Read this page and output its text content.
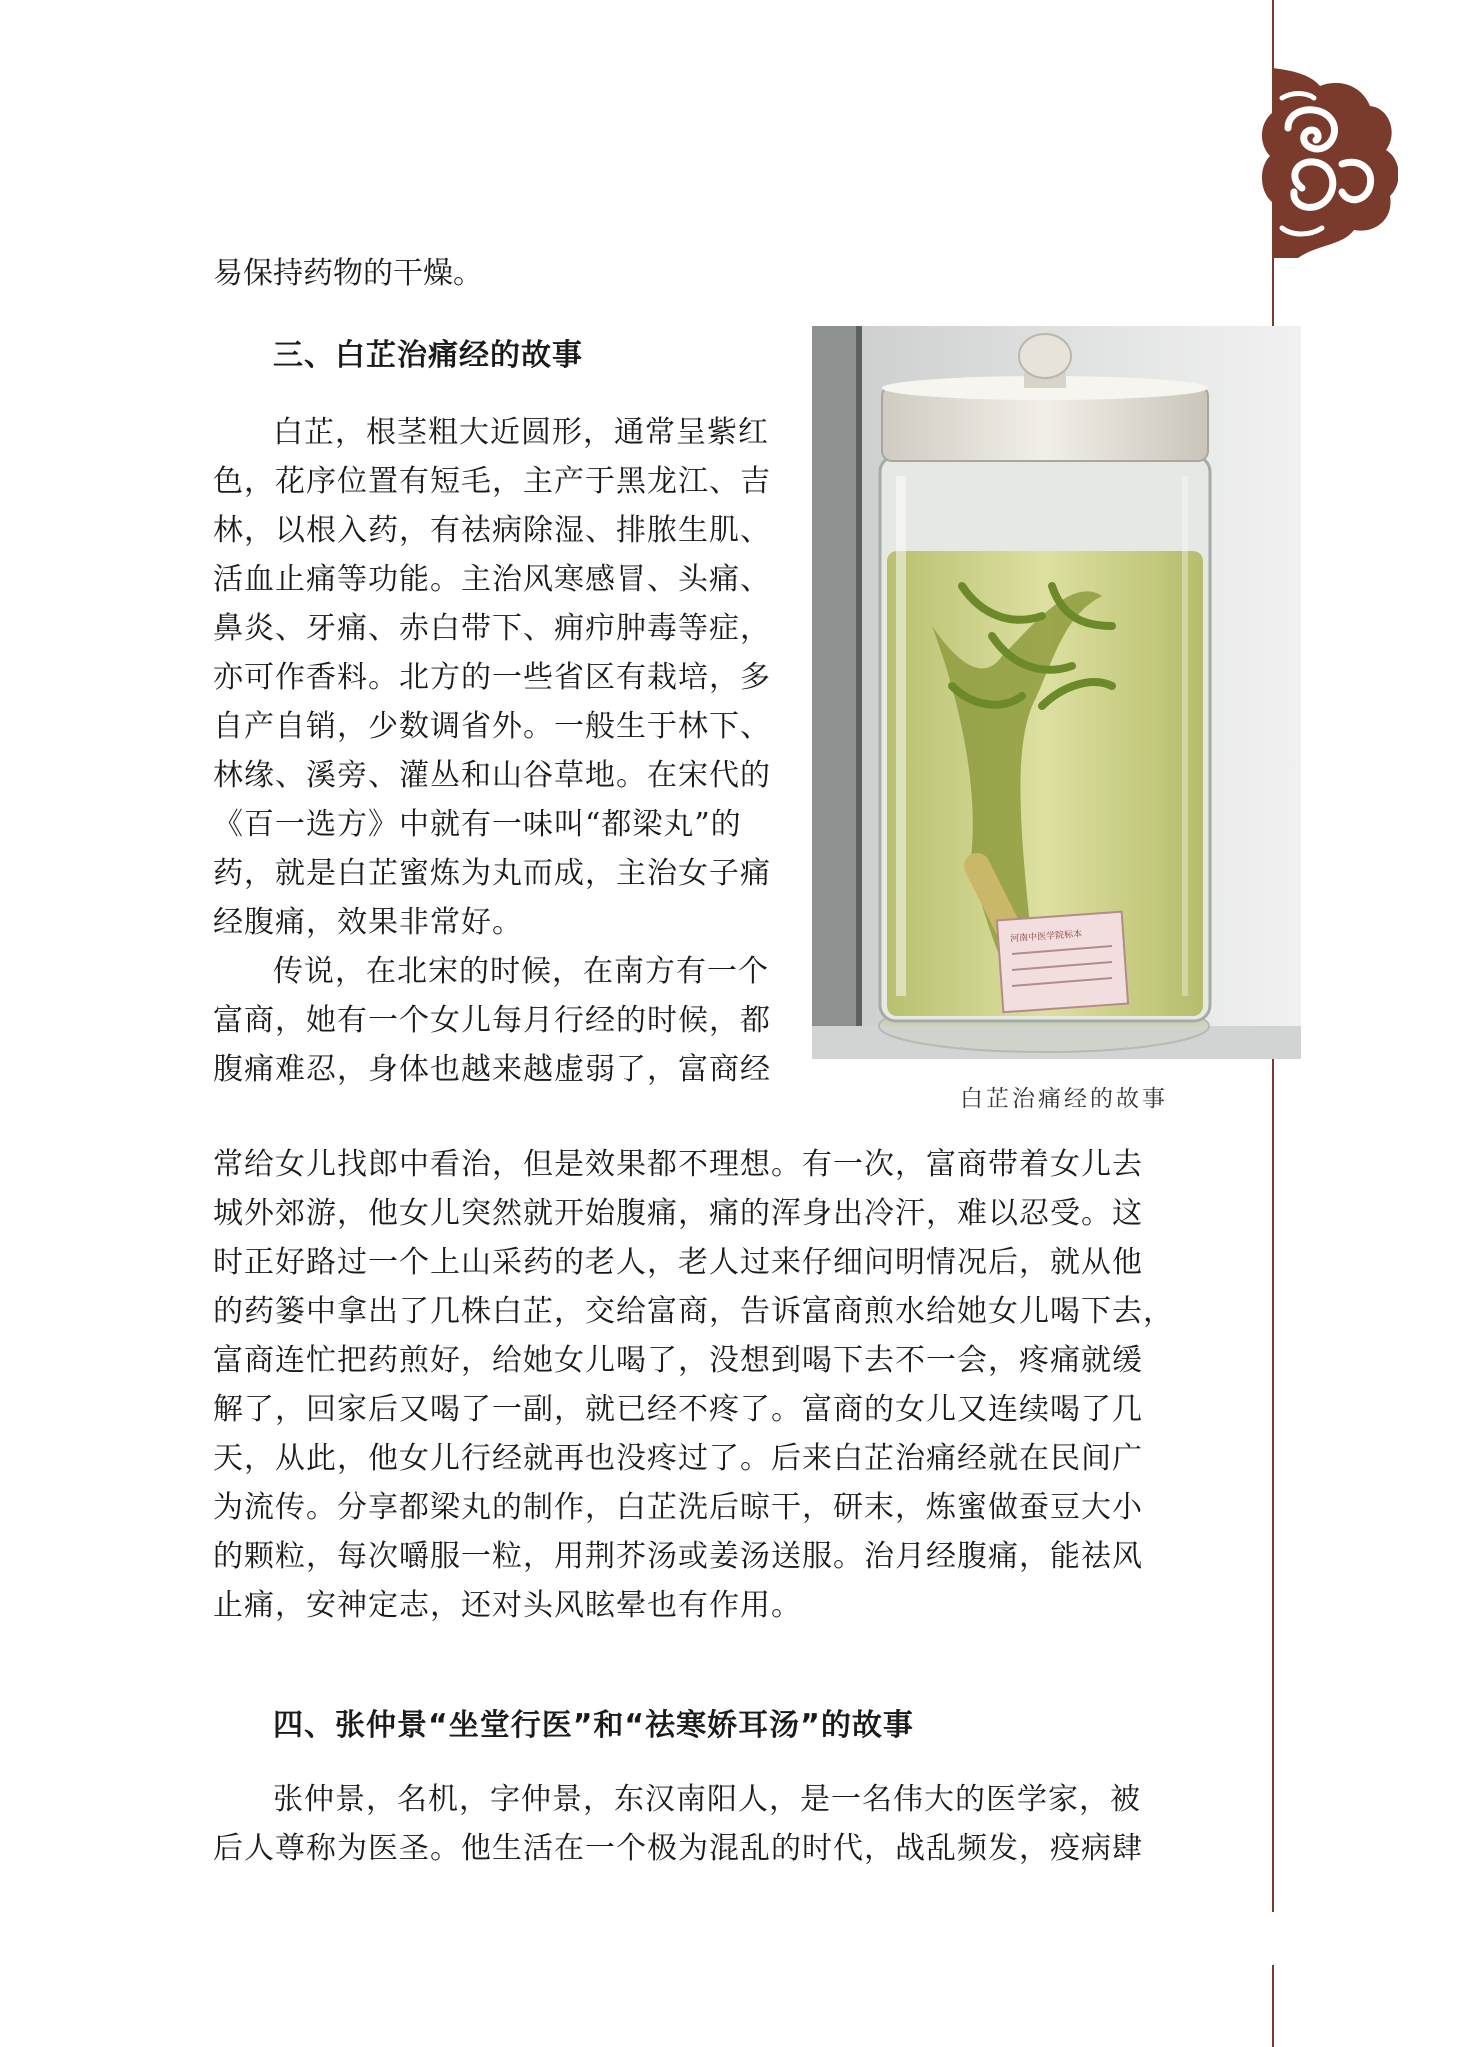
易保持药物的干燥。
三、白芷治痛经的故事
白芷，根茎粗大近圆形，通常呈紫红
色，花序位置有短毛，主产于黑龙江、吉
林，以根入药，有祛病除湿、排脓生肌、
活血止痛等功能。主治风寒感冒、头痛、
鼻炎、牙痛、赤白带下、痈疖肿毒等症，
亦可作香料。北方的一些省区有栽培，多
自产自销，少数调省外。一般生于林下、
林缘、溪旁、灌丛和山谷草地。在宋代的
《百一选方》中就有一味叫“都梁丸”的
药，就是白芷蜜炼为丸而成，主治女子痛
经腹痛，效果非常好。
传说，在北宋的时候，在南方有一个
富商，她有一个女儿每月行经的时候，都
腹痛难忍，身体也越来越虚弱了，富商经
河南中医学院标本
白芷治痛经的故事
常给女儿找郎中看治，但是效果都不理想。有一次，富商带着女儿去
城外郊游，他女儿突然就开始腹痛，痛的浑身出冷汗，难以忍受。这
时正好路过一个上山采药的老人，老人过来仔细问明情况后，就从他
的药篓中拿出了几株白芷，交给富商，告诉富商煎水给她女儿喝下去，
富商连忙把药煎好，给她女儿喝了，没想到喝下去不一会，疼痛就缓
解了，回家后又喝了一副，就已经不疼了。富商的女儿又连续喝了几
天，从此，他女儿行经就再也没疼过了。后来白芷治痛经就在民间广
为流传。分享都梁丸的制作，白芷洗后晾干，研末，炼蜜做蚕豆大小
的颗粒，每次嚼服一粒，用荆芥汤或姜汤送服。治月经腹痛，能祛风
止痛，安神定志，还对头风眩晕也有作用。
四、张仲景“坐堂行医”和“祛寒娇耳汤”的故事
张仲景，名机，字仲景，东汉南阳人，是一名伟大的医学家，被
后人尊称为医圣。他生活在一个极为混乱的时代，战乱频发，疫病肆
